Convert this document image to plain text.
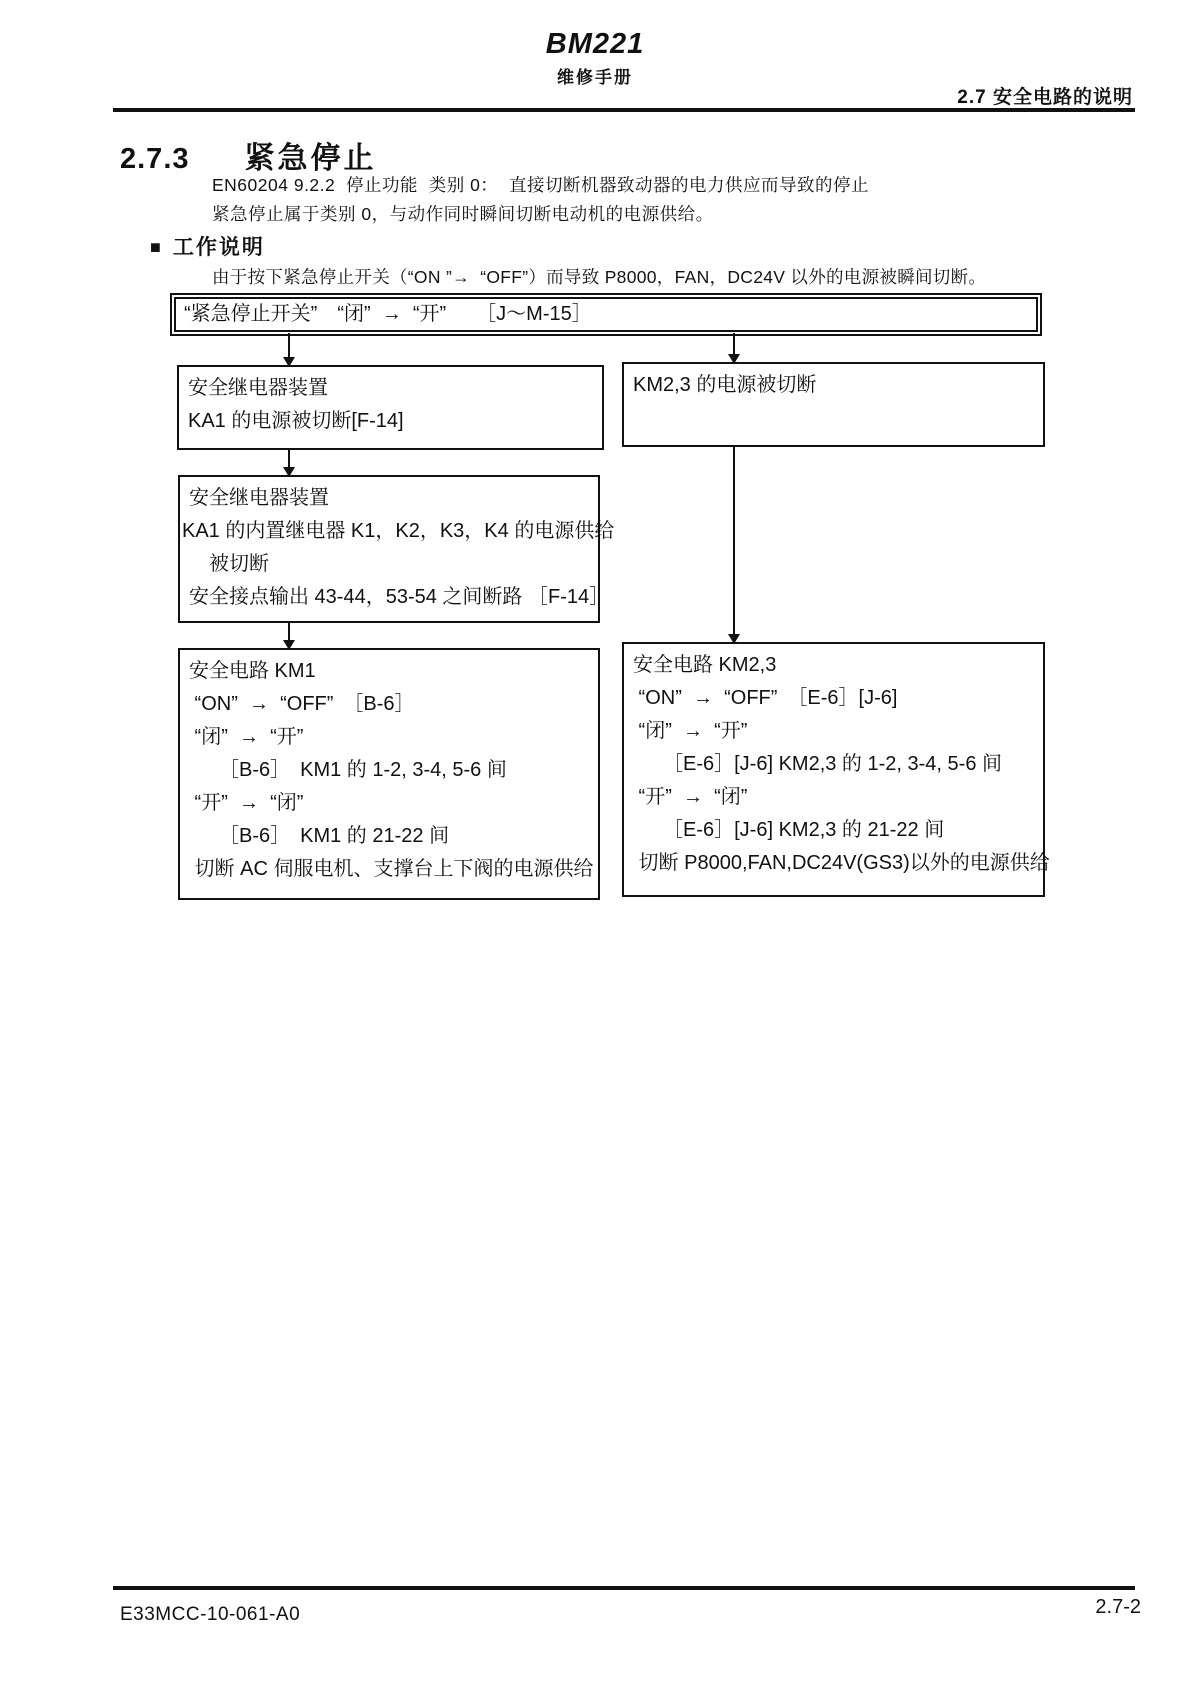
BM221
维修手册
2.7 安全电路的说明
2.7.3 紧急停止
EN60204 9.2.2  停止功能  类别 0：  直接切断机器致动器的电力供应而导致的停止
紧急停止属于类别 0，与动作同时瞬间切断电动机的电源供给。
■ 工作说明
由于按下紧急停止开关（“ON ”→  “OFF”）而导致 P8000，FAN，DC24V 以外的电源被瞬间切断。
“紧急停止开关”　“闭”  →  “开”　　［J～M-15］
安全继电器装置
KA1 的电源被切断[F-14]
KM2,3 的电源被切断
安全继电器装置
KA1 的内置继电器 K1，K2，K3，K4 的电源供给
　被切断
安全接点输出 43-44，53-54 之间断路 ［F-14］
安全电路 KM1
“ON”  →  “OFF”　［B-6］
“闭”  →  “开”
　　［B-6］　KM1 的 1-2, 3-4, 5-6 间
“开”  →  “闭”
　　［B-6］　KM1 的 21-22 间
切断 AC 伺服电机、支撑台上下阀的电源供给
安全电路 KM2,3
“ON”  →  “OFF”　［E-6］[J-6]
“闭”  →  “开”
　　［E-6］[J-6] KM2,3 的 1-2, 3-4, 5-6 间
“开”  →  “闭”
　　［E-6］[J-6] KM2,3 的 21-22 间
切断 P8000,FAN,DC24V(GS3)以外的电源供给
E33MCC-10-061-A0	2.7-2
